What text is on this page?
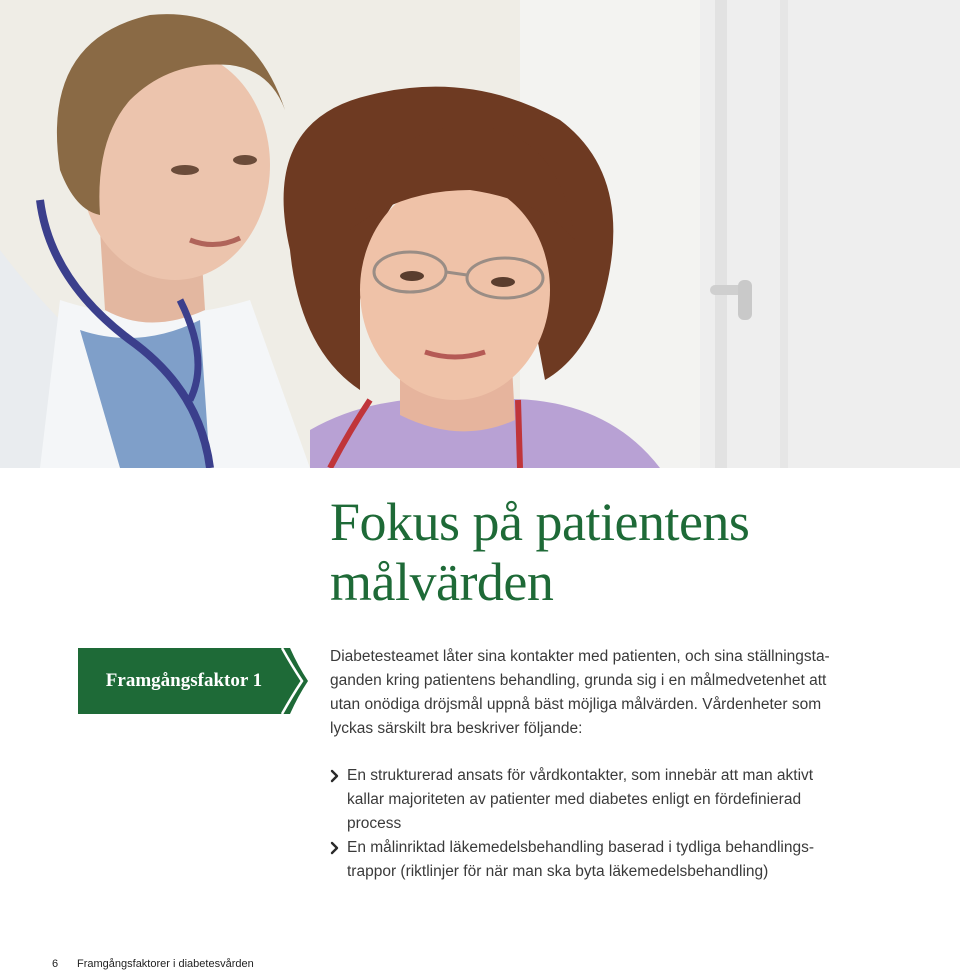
Fokus på patientens
målvärden
Framgångsfaktor 1

Diabetesteamet låter sina kontakter med patienten, och sina ställningsta-
ganden kring patientens behandling, grunda sig i en målmedvetenhet att
utan onödiga dröjsmål uppnå bäst möjliga målvärden. Vårdenheter som
lyckas särskilt bra beskriver följande:

En strukturerad ansats för vårdkontakter, som innebär att man aktivt
kallar majoriteten av patienter med diabetes enligt en fördefinierad
process
En målinriktad läkemedelsbehandling baserad i tydliga behandlings-
trappor (riktlinjer för när man ska byta läkemedelsbehandling)
6 Framgångsfaktorer i diabetesvården
